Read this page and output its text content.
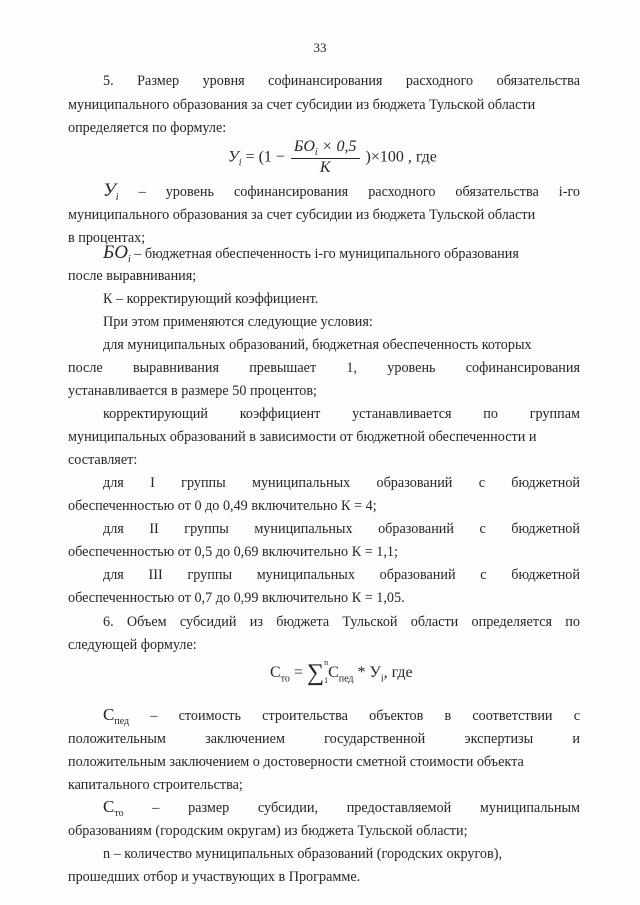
33
5. Размер уровня софинансирования расходного обязательства
муниципального образования за счет субсидии из бюджета Тульской области
определяется по формуле:
$У_i = (1 - \frac{БО_i \times 0,5}{К} )\times 100$ , где
$У_i$ – уровень софинансирования расходного обязательства i-го
муниципального образования за счет субсидии из бюджета Тульской области
в процентах;
$БО_i$ – бюджетная обеспеченность i-го муниципального образования
после выравнивания;
К – корректирующий коэффициент.
При этом применяются следующие условия:
для муниципальных образований, бюджетная обеспеченность которых
после выравнивания превышает 1, уровень софинансирования
устанавливается в размере 50 процентов;
корректирующий коэффициент устанавливается по группам
муниципальных образований в зависимости от бюджетной обеспеченности и
составляет:
для I группы муниципальных образований с бюджетной
обеспеченностью от 0 до 0,49 включительно К = 4;
для II группы муниципальных образований с бюджетной
обеспеченностью от 0,5 до 0,69 включительно К = 1,1;
для III группы муниципальных образований с бюджетной
обеспеченностью от 0,7 до 0,99 включительно К = 1,05.
6. Объем субсидий из бюджета Тульской области определяется по
следующей формуле:
$С_{то} = \sum n$

$1С_{пед} * У_i$, где
$С_{пед}$ – стоимость строительства объектов в соответствии с
положительным заключением государственной экспертизы и
положительным заключением о достоверности сметной стоимости объекта
капитального строительства;
$С_{то}$ – размер субсидии, предоставляемой муниципальным
образованиям (городским округам) из бюджета Тульской области;
n – количество муниципальных образований (городских округов),
прошедших отбор и участвующих в Программе.
